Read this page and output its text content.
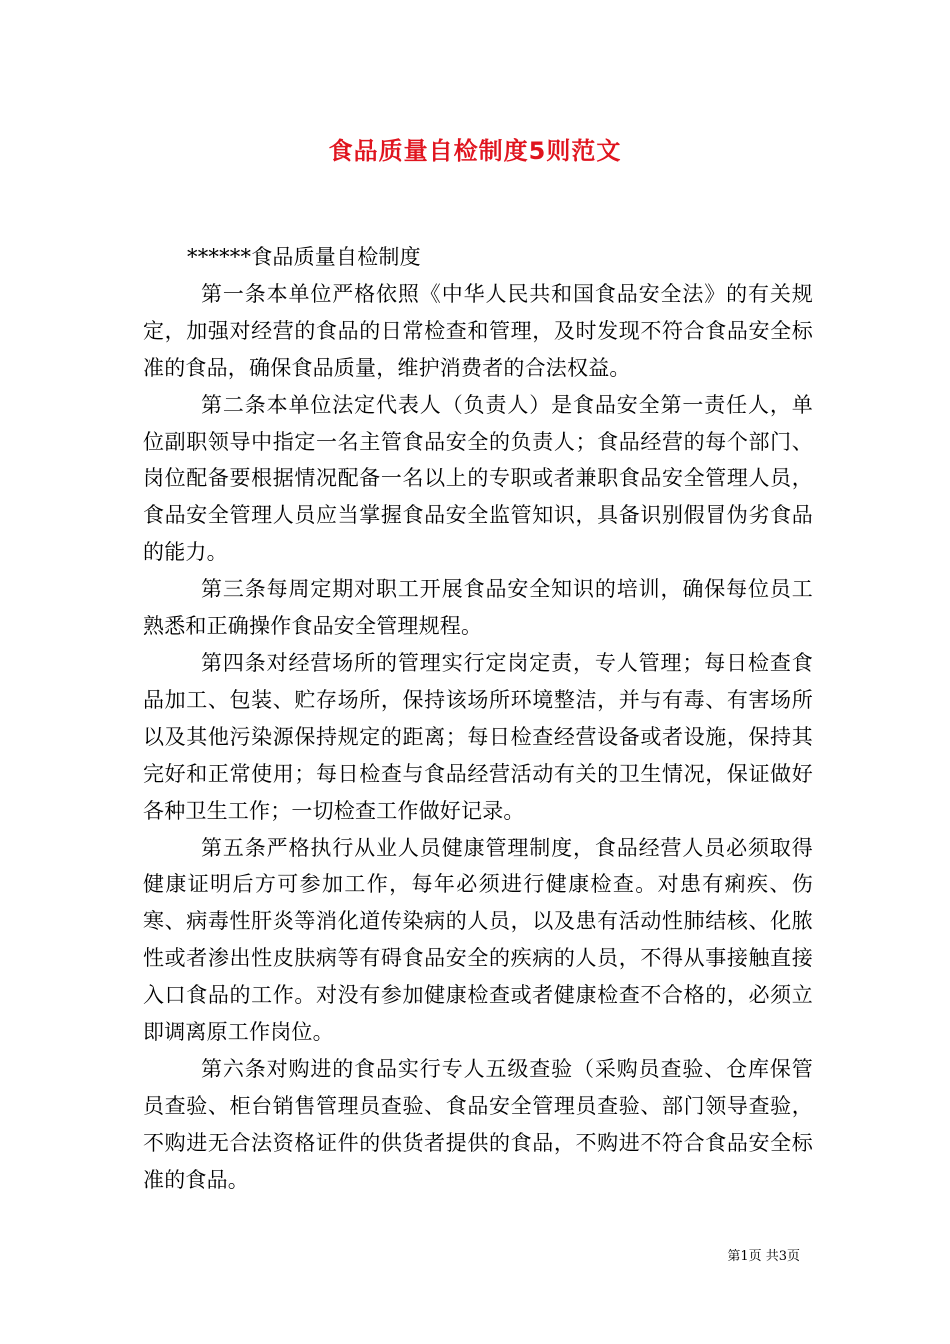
食品质量自检制度5则范文

******食品质量自检制度

第一条本单位严格依照《中华人民共和国食品安全法》的有关规定，加强对经营的食品的日常检查和管理，及时发现不符合食品安全标准的食品，确保食品质量，维护消费者的合法权益。

第二条本单位法定代表人（负责人）是食品安全第一责任人，单位副职领导中指定一名主管食品安全的负责人；食品经营的每个部门、岗位配备要根据情况配备一名以上的专职或者兼职食品安全管理人员，食品安全管理人员应当掌握食品安全监管知识，具备识别假冒伪劣食品的能力。

第三条每周定期对职工开展食品安全知识的培训，确保每位员工熟悉和正确操作食品安全管理规程。

第四条对经营场所的管理实行定岗定责，专人管理；每日检查食品加工、包装、贮存场所，保持该场所环境整洁，并与有毒、有害场所以及其他污染源保持规定的距离；每日检查经营设备或者设施，保持其完好和正常使用；每日检查与食品经营活动有关的卫生情况，保证做好各种卫生工作；一切检查工作做好记录。

第五条严格执行从业人员健康管理制度，食品经营人员必须取得健康证明后方可参加工作，每年必须进行健康检查。对患有痢疾、伤寒、病毒性肝炎等消化道传染病的人员，以及患有活动性肺结核、化脓性或者渗出性皮肤病等有碍食品安全的疾病的人员，不得从事接触直接入口食品的工作。对没有参加健康检查或者健康检查不合格的，必须立即调离原工作岗位。

第六条对购进的食品实行专人五级查验（采购员查验、仓库保管员查验、柜台销售管理员查验、食品安全管理员查验、部门领导查验，不购进无合法资格证件的供货者提供的食品，不购进不符合食品安全标准的食品。

第1页 共3页
